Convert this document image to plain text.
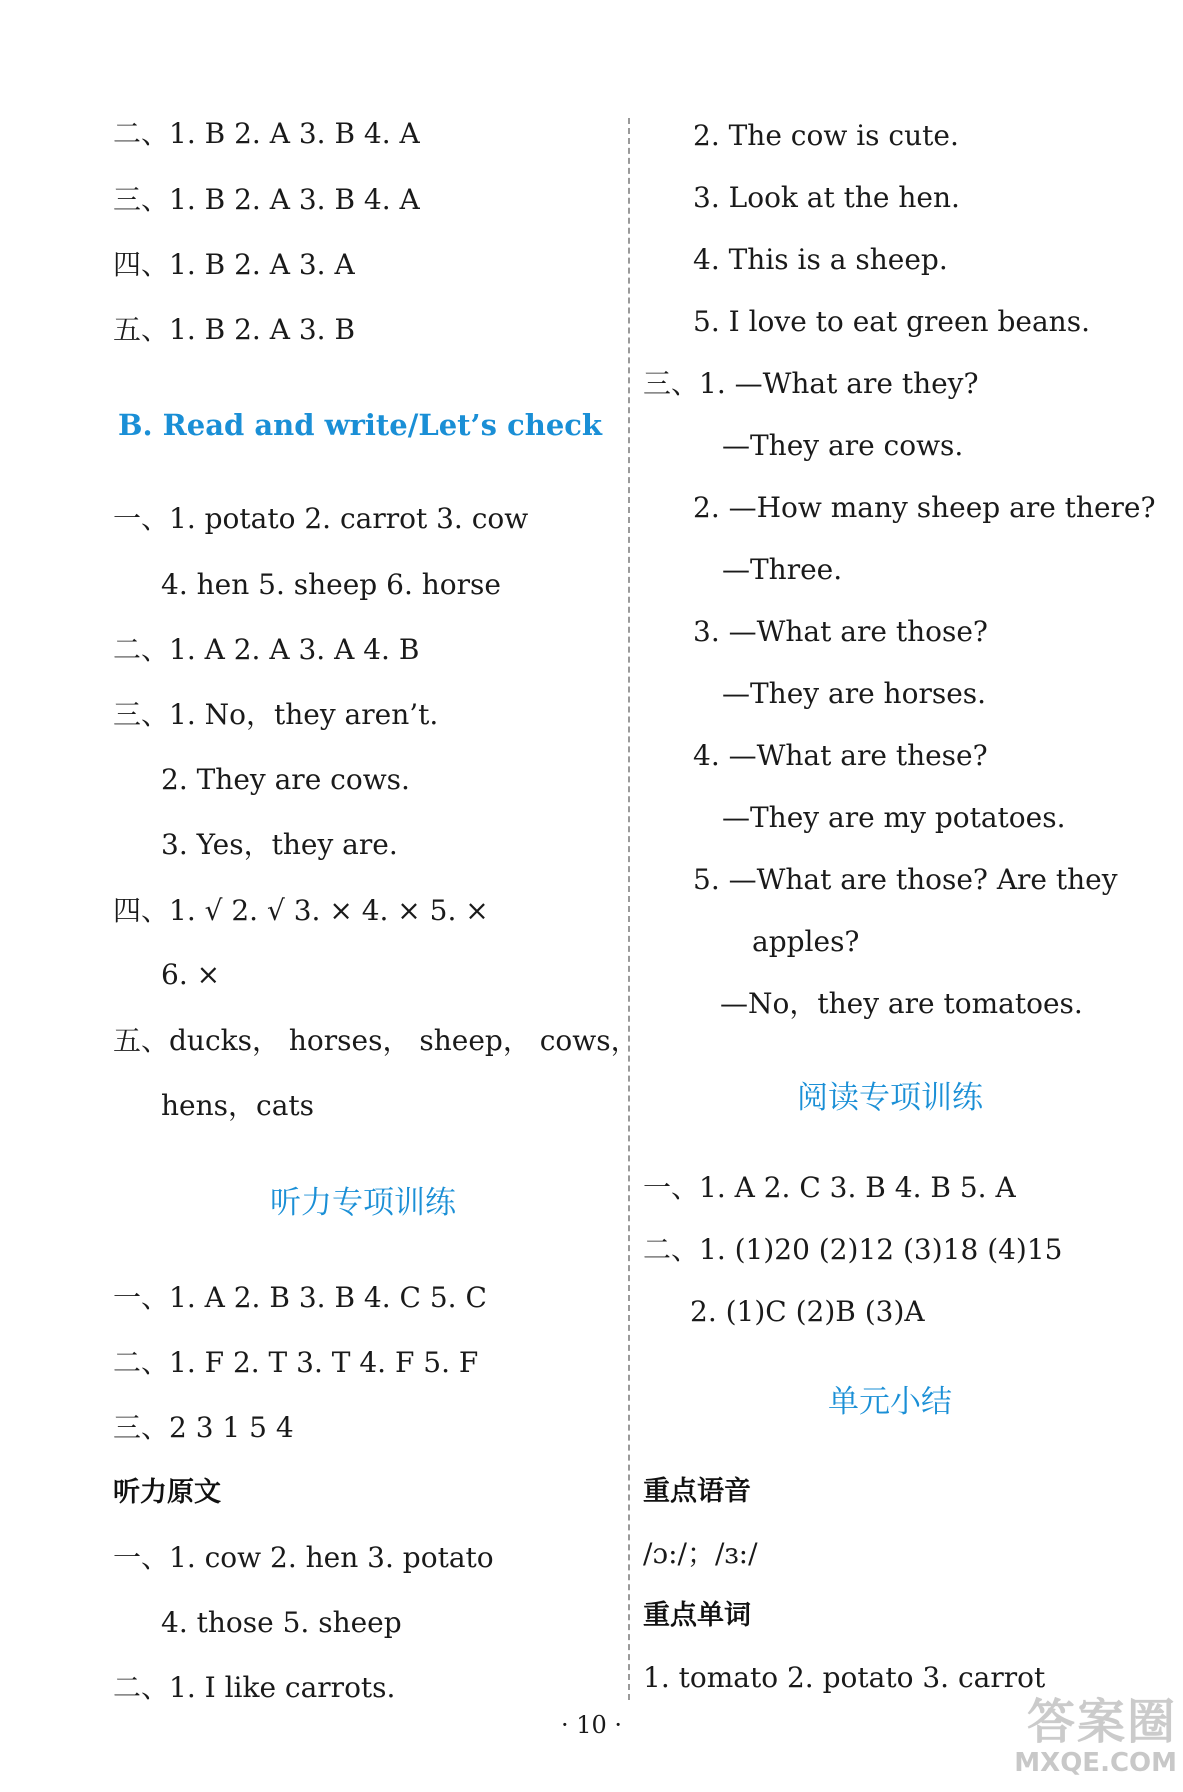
二、1. B 2. A 3. B 4. A
三、1. B 2. A 3. B 4. A
四、1. B 2. A 3. A
五、1. B 2. A 3. B
B. Read and write/Let’s check
一、1. potato 2. carrot 3. cow
4. hen 5. sheep 6. horse
二、1. A 2. A 3. A 4. B
三、1. No，they aren’t.
2. They are cows.
3. Yes，they are.
四、1. √ 2. √ 3. × 4. × 5. ×
6. ×
五、ducks， horses， sheep， cows，
hens，cats
听力专项训练
一、1. A 2. B 3. B 4. C 5. C
二、1. F 2. T 3. T 4. F 5. F
三、2 3 1 5 4
听力原文
一、1. cow 2. hen 3. potato
4. those 5. sheep
二、1. I like carrots.
2. The cow is cute.
3. Look at the hen.
4. This is a sheep.
5. I love to eat green beans.
三、1. —What are they?
—They are cows.
2. —How many sheep are there?
—Three.
3. —What are those?
—They are horses.
4. —What are these?
—They are my potatoes.
5. —What are those? Are they
apples?
—No，they are tomatoes.
阅读专项训练
一、1. A 2. C 3. B 4. B 5. A
二、1. (1)20 (2)12 (3)18 (4)15
2. (1)C (2)B (3)A
单元小结
重点语音
/ɔ:/；/ɜ:/
重点单词
1. tomato 2. potato 3. carrot
· 10 ·	答案圈
MXQE.COM
